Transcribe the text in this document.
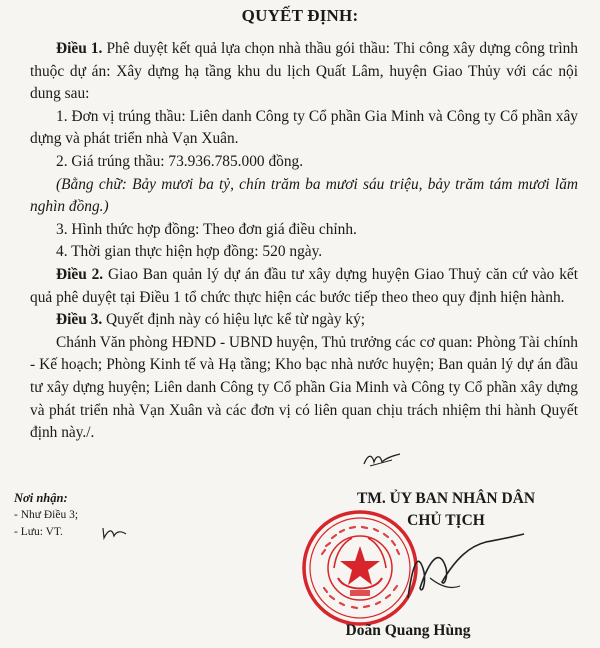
QUYẾT ĐỊNH:

Điều 1. Phê duyệt kết quả lựa chọn nhà thầu gói thầu: Thi công xây dựng công trình thuộc dự án: Xây dựng hạ tầng khu du lịch Quất Lâm, huyện Giao Thủy với các nội dung sau:

1. Đơn vị trúng thầu: Liên danh Công ty Cổ phần Gia Minh và Công ty Cổ phần xây dựng và phát triển nhà Vạn Xuân.

2. Giá trúng thầu: 73.936.785.000 đồng.

(Bằng chữ: Bảy mươi ba tỷ, chín trăm ba mươi sáu triệu, bảy trăm tám mươi lăm nghìn đồng.)

3. Hình thức hợp đồng: Theo đơn giá điều chỉnh.

4. Thời gian thực hiện hợp đồng: 520 ngày.

Điều 2. Giao Ban quản lý dự án đầu tư xây dựng huyện Giao Thuỷ căn cứ vào kết quả phê duyệt tại Điều 1 tổ chức thực hiện các bước tiếp theo theo quy định hiện hành.

Điều 3. Quyết định này có hiệu lực kể từ ngày ký;

Chánh Văn phòng HĐND - UBND huyện, Thủ trưởng các cơ quan: Phòng Tài chính - Kế hoạch; Phòng Kinh tế và Hạ tầng; Kho bạc nhà nước huyện; Ban quản lý dự án đầu tư xây dựng huyện; Liên danh Công ty Cổ phần Gia Minh và Công ty Cổ phần xây dựng và phát triển nhà Vạn Xuân và các đơn vị có liên quan chịu trách nhiệm thi hành Quyết định này./.

Nơi nhận:
- Như Điều 3;
- Lưu: VT.
TM. ỦY BAN NHÂN DÂN
CHỦ TỊCH
Doãn Quang Hùng
